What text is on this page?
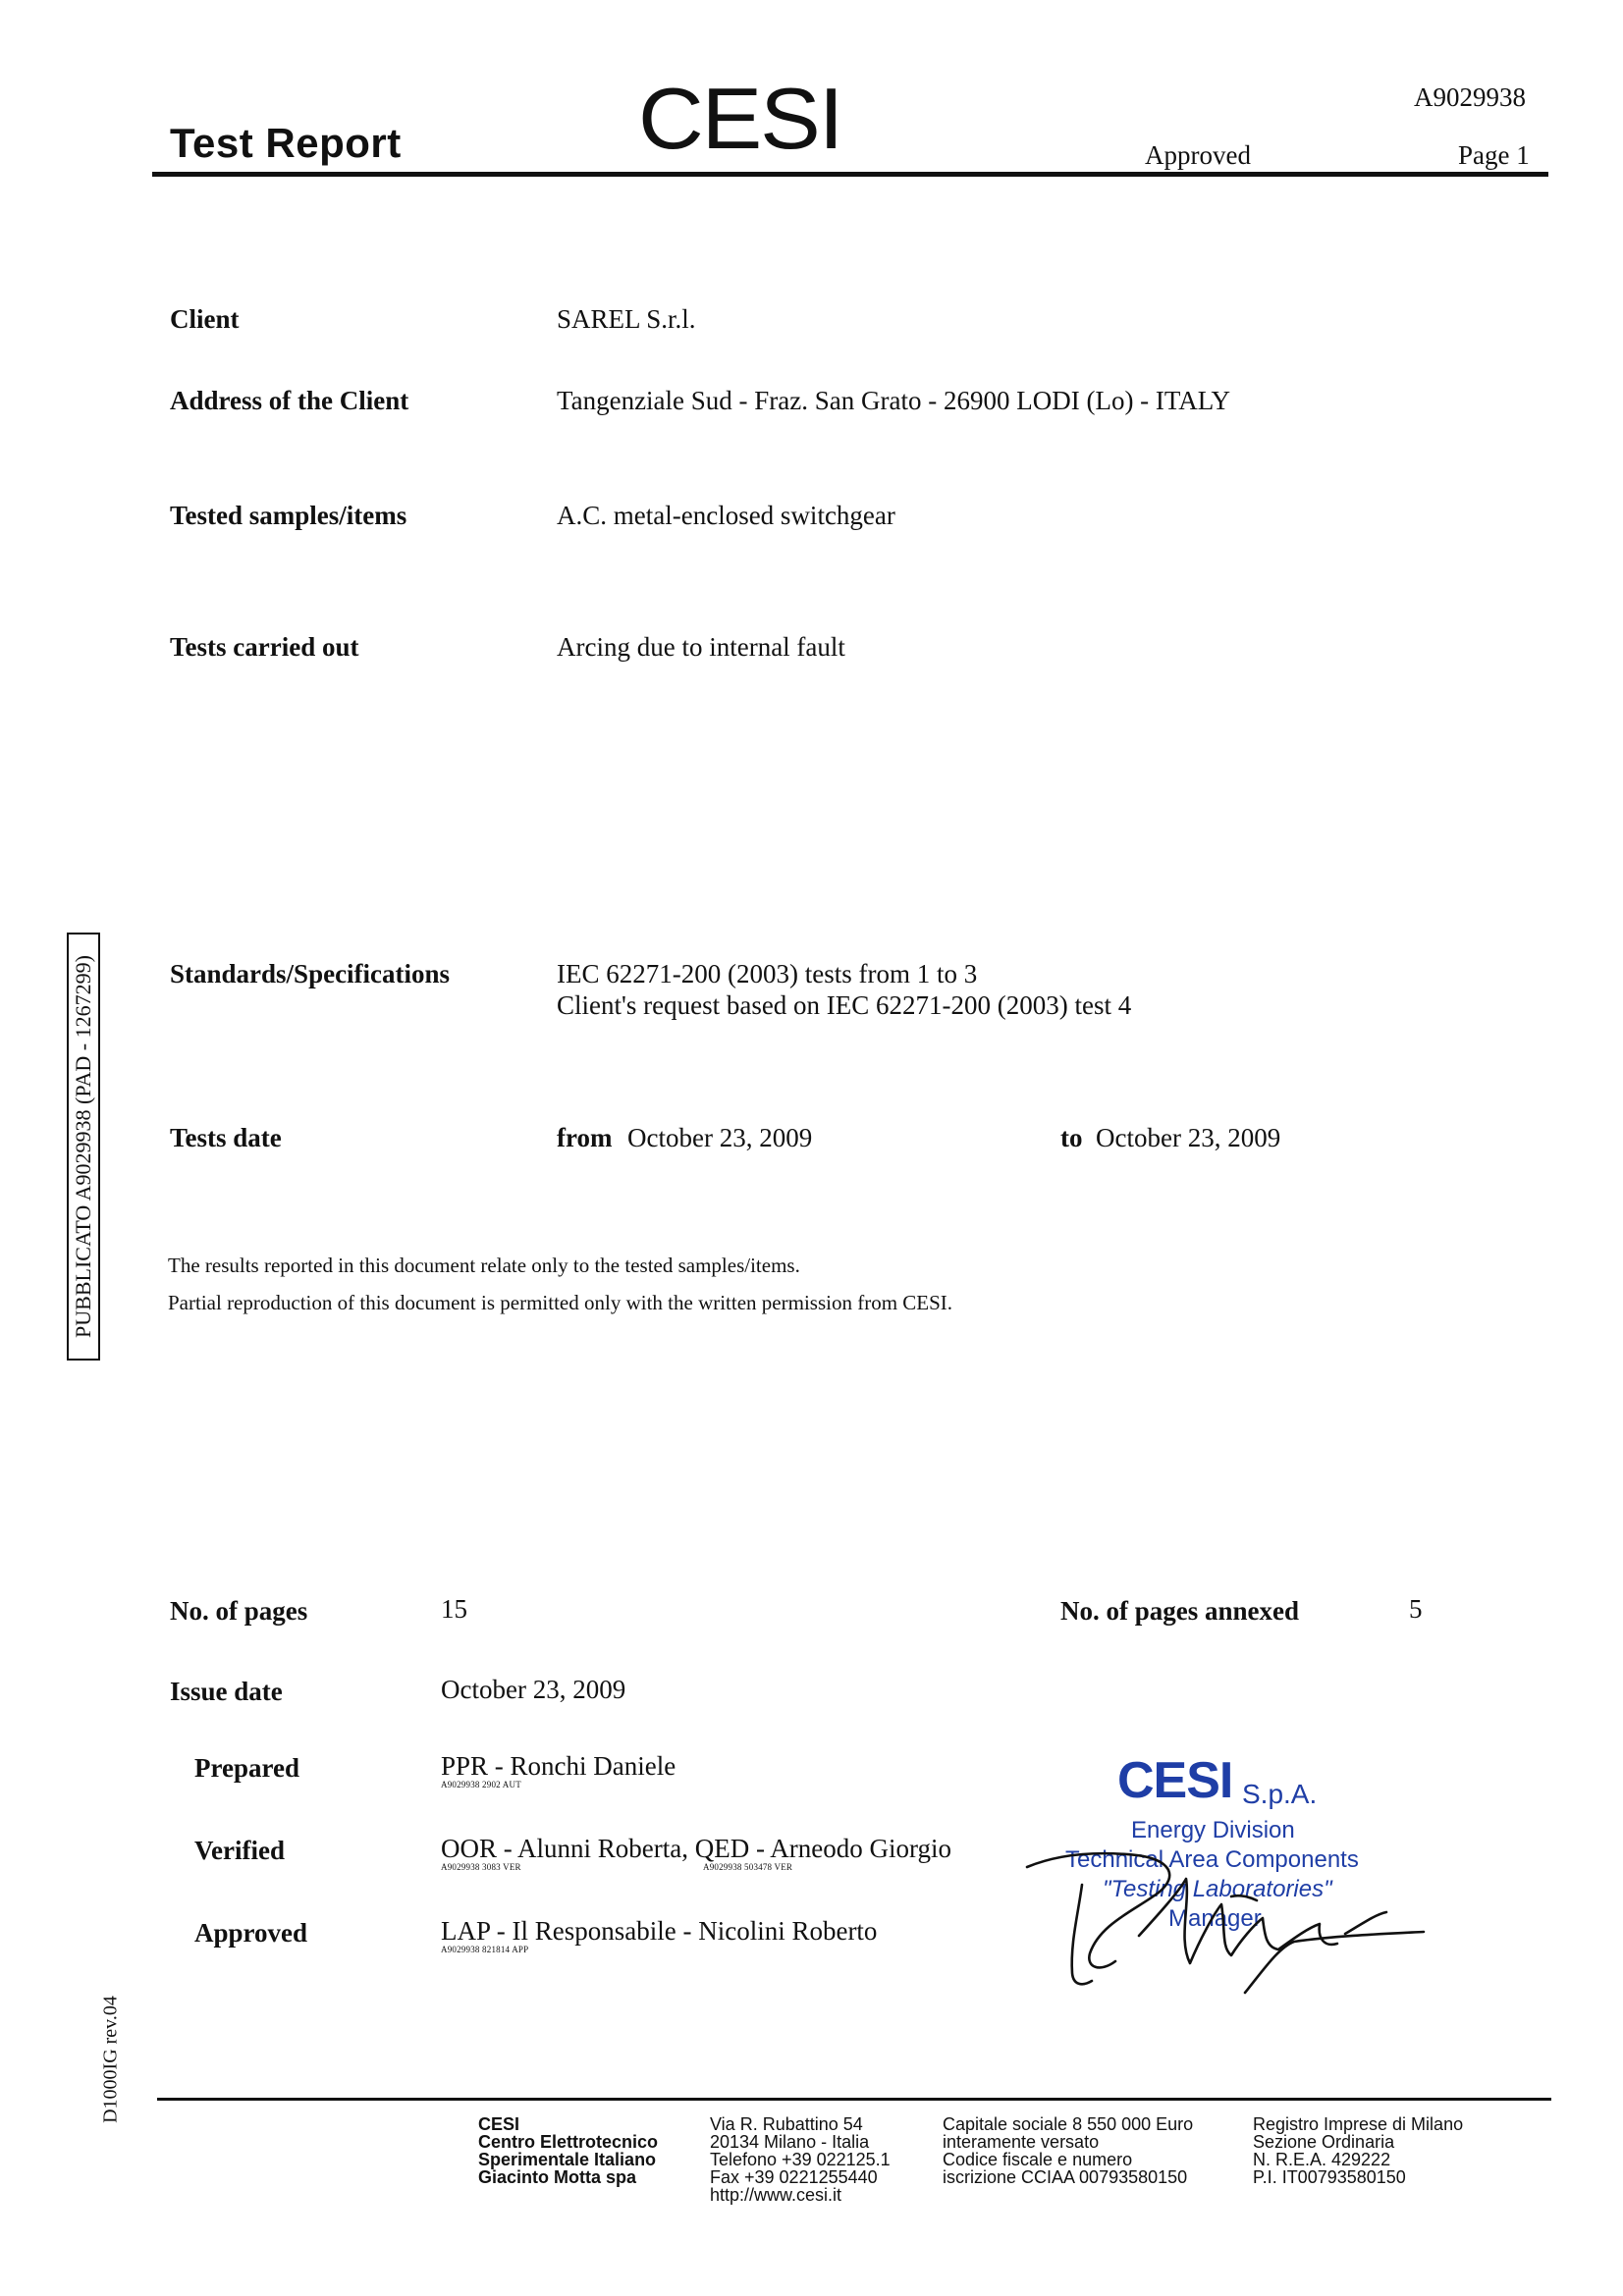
Test Report	CESI	A9029938
Approved	Page 1
Client	SAREL S.r.l.
Address of the Client	Tangenziale Sud - Fraz. San Grato - 26900 LODI (Lo) - ITALY
Tested samples/items	A.C. metal-enclosed switchgear
Tests carried out	Arcing due to internal fault
Standards/Specifications	IEC 62271-200 (2003) tests from 1 to 3
Client's request based on IEC 62271-200 (2003) test 4
Tests date	from October 23, 2009	to October 23, 2009
The results reported in this document relate only to the tested samples/items.
Partial reproduction of this document is permitted only with the written permission from CESI.
PUBBLICATO A9029938 (PAD - 1267299)
D1000IG rev.04
No. of pages	15	No. of pages annexed	5
Issue date	October 23, 2009
Prepared	PPR - Ronchi Daniele
A9029938 2902 AUT
Verified	OOR - Alunni Roberta, QED - Arneodo Giorgio
A9029938 3083 VER	A9029938 503478 VER
Approved	LAP - Il Responsabile - Nicolini Roberto
A9029938 821814 APP
CESI S.p.A.
Energy Division
Technical Area Components
"Testing Laboratories"
Manager
CESI
Centro Elettrotecnico
Sperimentale Italiano
Giacinto Motta spa
Via R. Rubattino 54
20134 Milano - Italia
Telefono +39 022125.1
Fax +39 0221255440
http://www.cesi.it
Capitale sociale 8 550 000 Euro
interamente versato
Codice fiscale e numero
iscrizione CCIAA 00793580150
Registro Imprese di Milano
Sezione Ordinaria
N. R.E.A. 429222
P.I. IT00793580150
